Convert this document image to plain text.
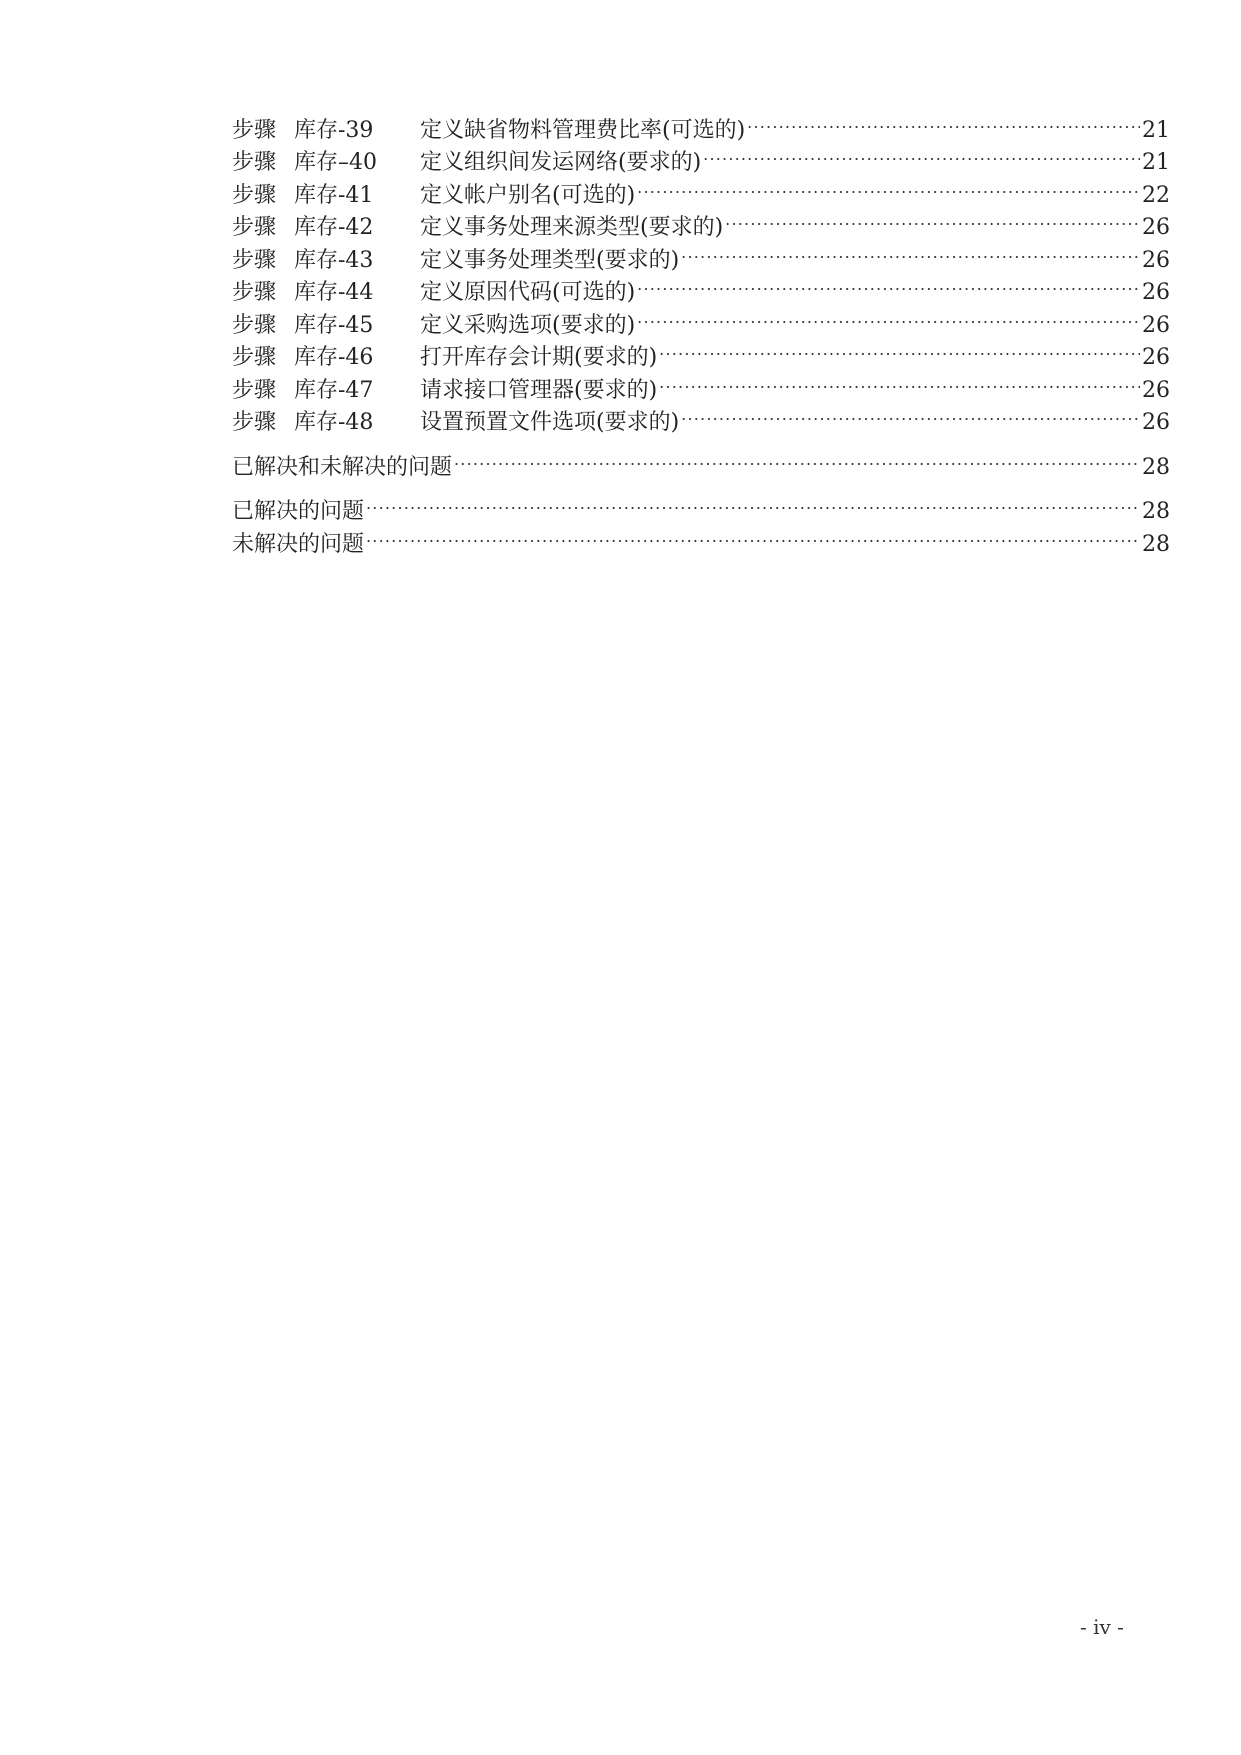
步骤 库存-39	定义缺省物料管理费比率(可选的) .....	21
步骤 库存–40	定义组织间发运网络(要求的) .....	21
步骤 库存-41	定义帐户别名(可选的) .....	22
步骤 库存-42	定义事务处理来源类型(要求的) .....	26
步骤 库存-43	定义事务处理类型(要求的) .....	26
步骤 库存-44	定义原因代码(可选的) .....	26
步骤 库存-45	定义采购选项(要求的) .....	26
步骤 库存-46	打开库存会计期(要求的) .....	26
步骤 库存-47	请求接口管理器(要求的) .....	26
步骤 库存-48	设置预置文件选项(要求的) .....	26
已解决和未解决的问题 .....	28
已解决的问题 .....	28
未解决的问题 .....	28
- iv -
